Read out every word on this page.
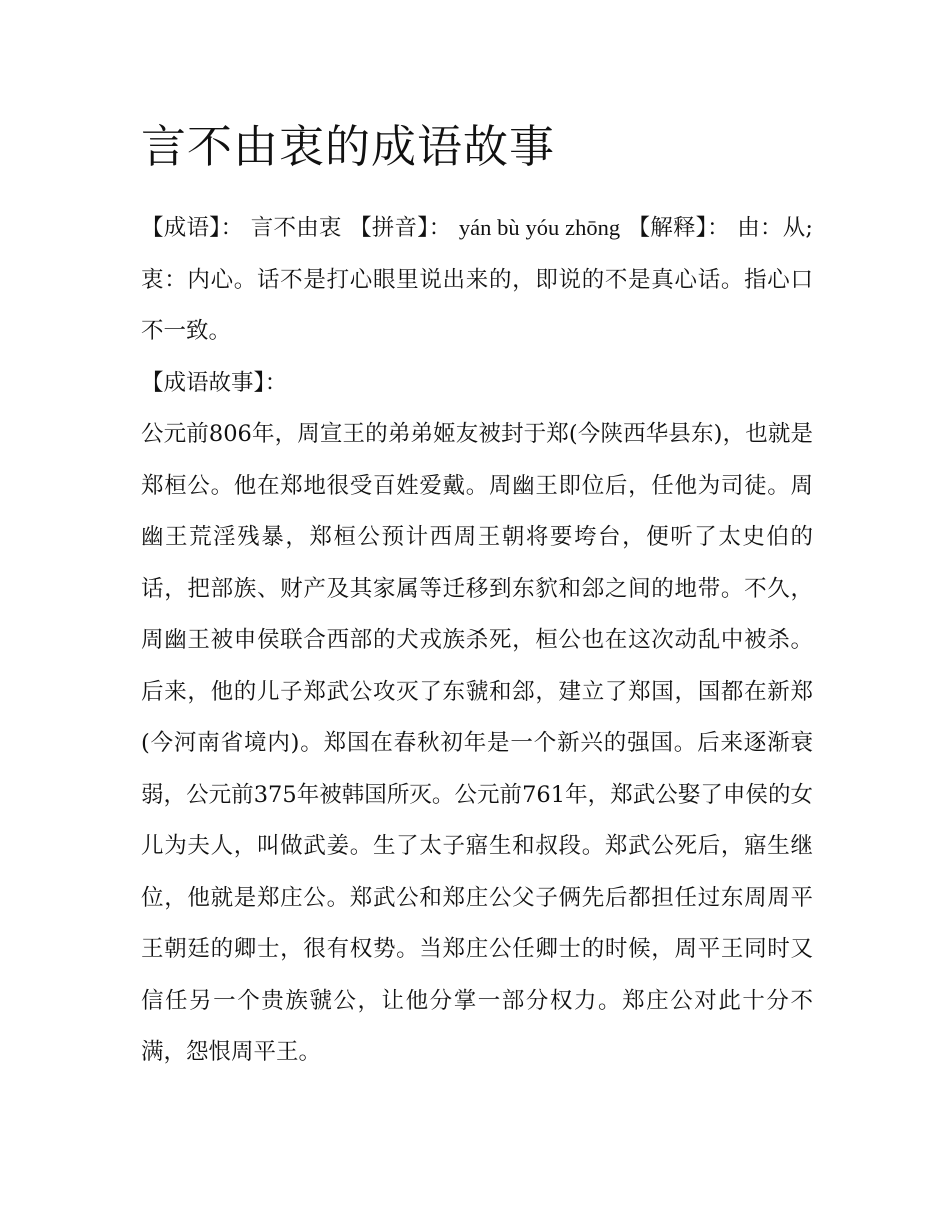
言不由衷的成语故事
【成语】： 言不由衷 【拼音】： yán bù yóu zhōng 【解释】： 由：从;衷：内心。话不是打心眼里说出来的，即说的不是真心话。指心口不一致。

【成语故事】：

公元前806年，周宣王的弟弟姬友被封于郑(今陕西华县东)，也就是郑桓公。他在郑地很受百姓爱戴。周幽王即位后，任他为司徒。周幽王荒淫残暴，郑桓公预计西周王朝将要垮台，便听了太史伯的话，把部族、财产及其家属等迁移到东貁和郐之间的地带。不久，周幽王被申侯联合西部的犬戎族杀死，桓公也在这次动乱中被杀。后来，他的儿子郑武公攻灭了东虢和郐，建立了郑国，国都在新郑(今河南省境内)。郑国在春秋初年是一个新兴的强国。后来逐渐衰弱，公元前375年被韩国所灭。公元前761年，郑武公娶了申侯的女儿为夫人，叫做武姜。生了太子寤生和叔段。郑武公死后，寤生继位，他就是郑庄公。郑武公和郑庄公父子俩先后都担任过东周周平王朝廷的卿士，很有权势。当郑庄公任卿士的时候，周平王同时又信任另一个贵族虢公，让他分掌一部分权力。郑庄公对此十分不满，怨恨周平王。
